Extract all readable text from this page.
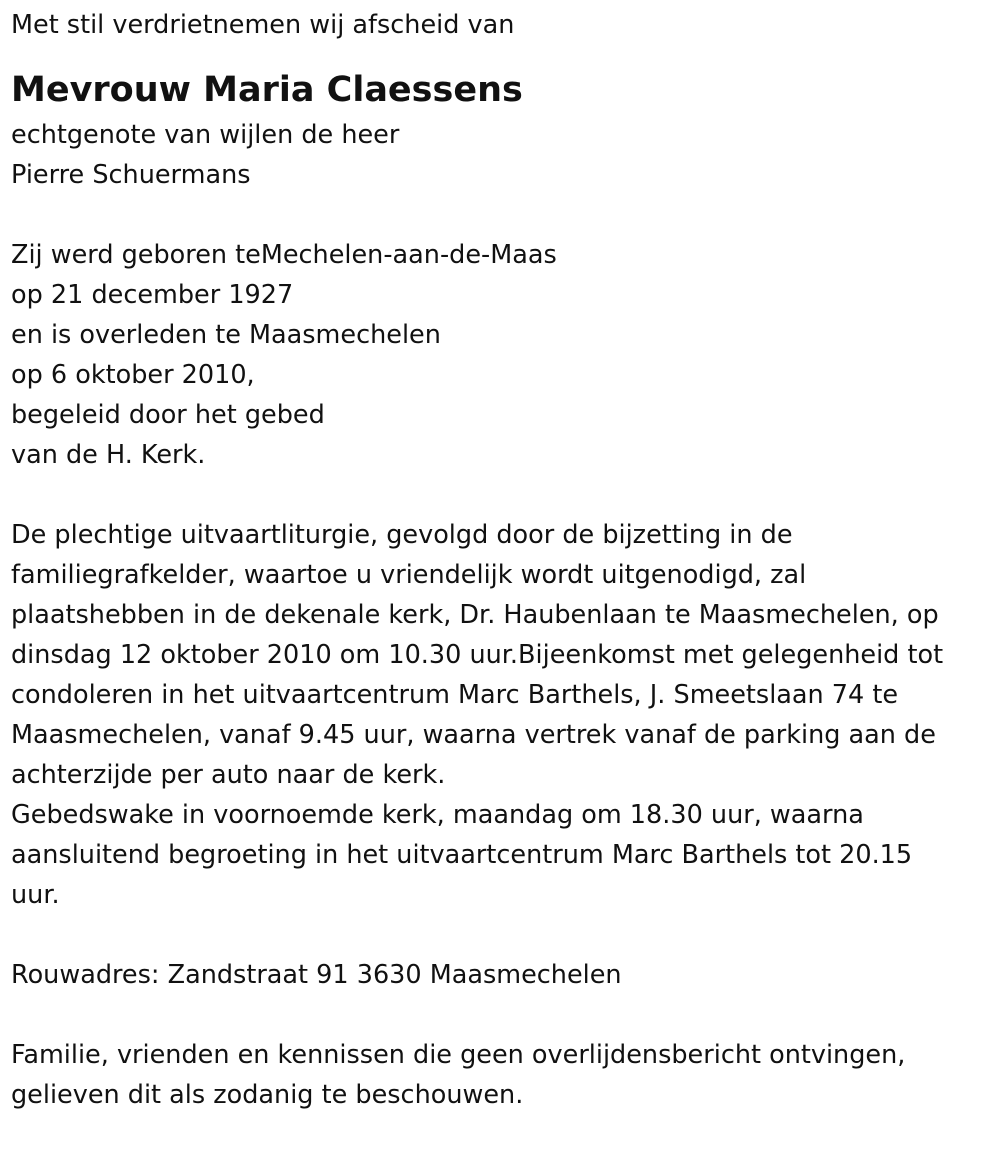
Met stil verdrietnemen wij afscheid van
Mevrouw Maria Claessens
echtgenote van wijlen de heer
Pierre Schuermans
Zij werd geboren teMechelen-aan-de-Maas
op 21 december 1927
en is overleden te Maasmechelen
op 6 oktober 2010,
begeleid door het gebed
van de H. Kerk.
De plechtige uitvaartliturgie, gevolgd door de bijzetting in de
familiegrafkelder, waartoe u vriendelijk wordt uitgenodigd, zal
plaatshebben in de dekenale kerk, Dr. Haubenlaan te Maasmechelen, op
dinsdag 12 oktober 2010 om 10.30 uur.Bijeenkomst met gelegenheid tot
condoleren in het uitvaartcentrum Marc Barthels, J. Smeetslaan 74 te
Maasmechelen, vanaf 9.45 uur, waarna vertrek vanaf de parking aan de
achterzijde per auto naar de kerk.
Gebedswake in voornoemde kerk, maandag om 18.30 uur, waarna
aansluitend begroeting in het uitvaartcentrum Marc Barthels tot 20.15
uur.
Rouwadres: Zandstraat 91 3630 Maasmechelen
Familie, vrienden en kennissen die geen overlijdensbericht ontvingen,
gelieven dit als zodanig te beschouwen.
